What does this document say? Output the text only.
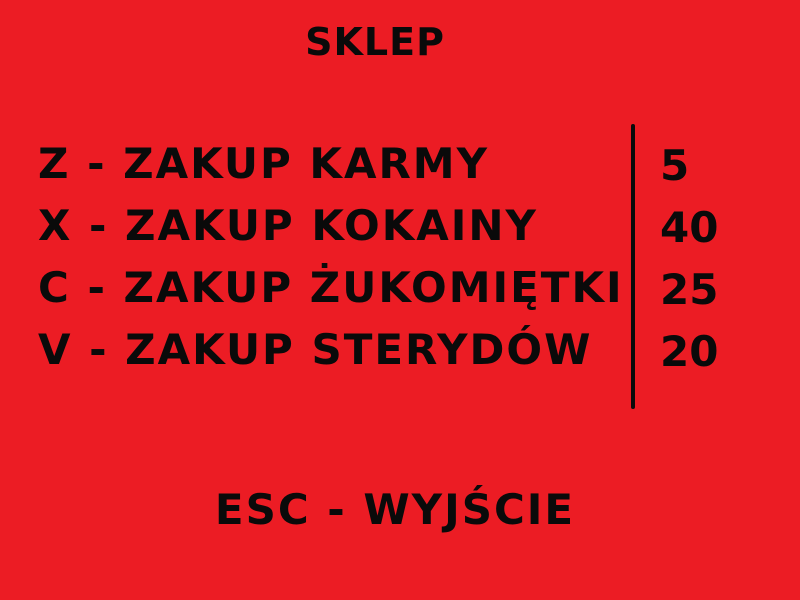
SKLEP
Z - ZAKUP KARMY
X - ZAKUP KOKAINY
C - ZAKUP ŻUKOMIĘTKI
V - ZAKUP STERYDÓW
5
40
25
20
ESC - WYJŚCIE
